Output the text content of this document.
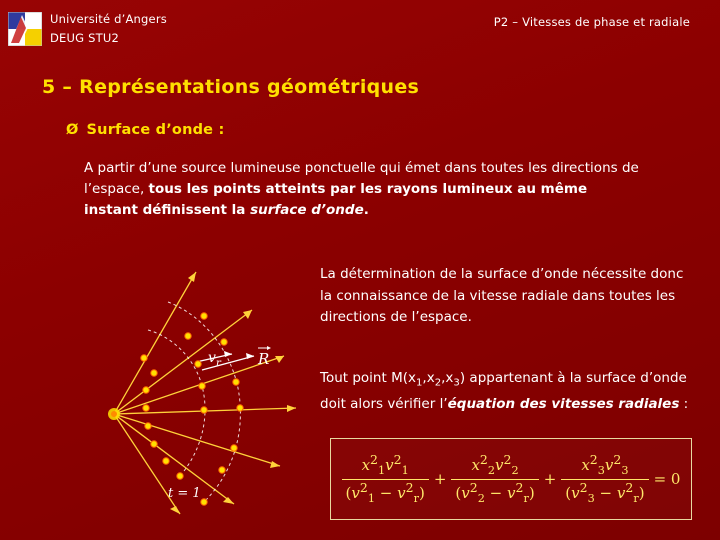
Université d’Angers
DEUG STU2
P2 – Vitesses de phase et radiale
5 – Représentations géométriques
Ø Surface d’onde :
A partir d’une source lumineuse ponctuelle qui émet dans toutes les directions de l’espace, tous les points atteints par les rayons lumineux au même instant définissent la surface d’onde.
La détermination de la surface d’onde nécessite donc la connaissance de la vitesse radiale dans toutes les directions de l’espace.
Tout point $M(x_1,x_2,x_3)$ appartenant à la surface d’onde doit alors vérifier l’équation des vitesses radiales :
$v_r$ R
t = 1	$\frac{x^2_1v^2_1}{(v^2_1 - v^2_r)} + \frac{x^2_2v^2_2}{(v^2_2 - v^2_r)} + \frac{x^2_3v^2_3}{(v^2_3 - v^2_r)} = 0$
